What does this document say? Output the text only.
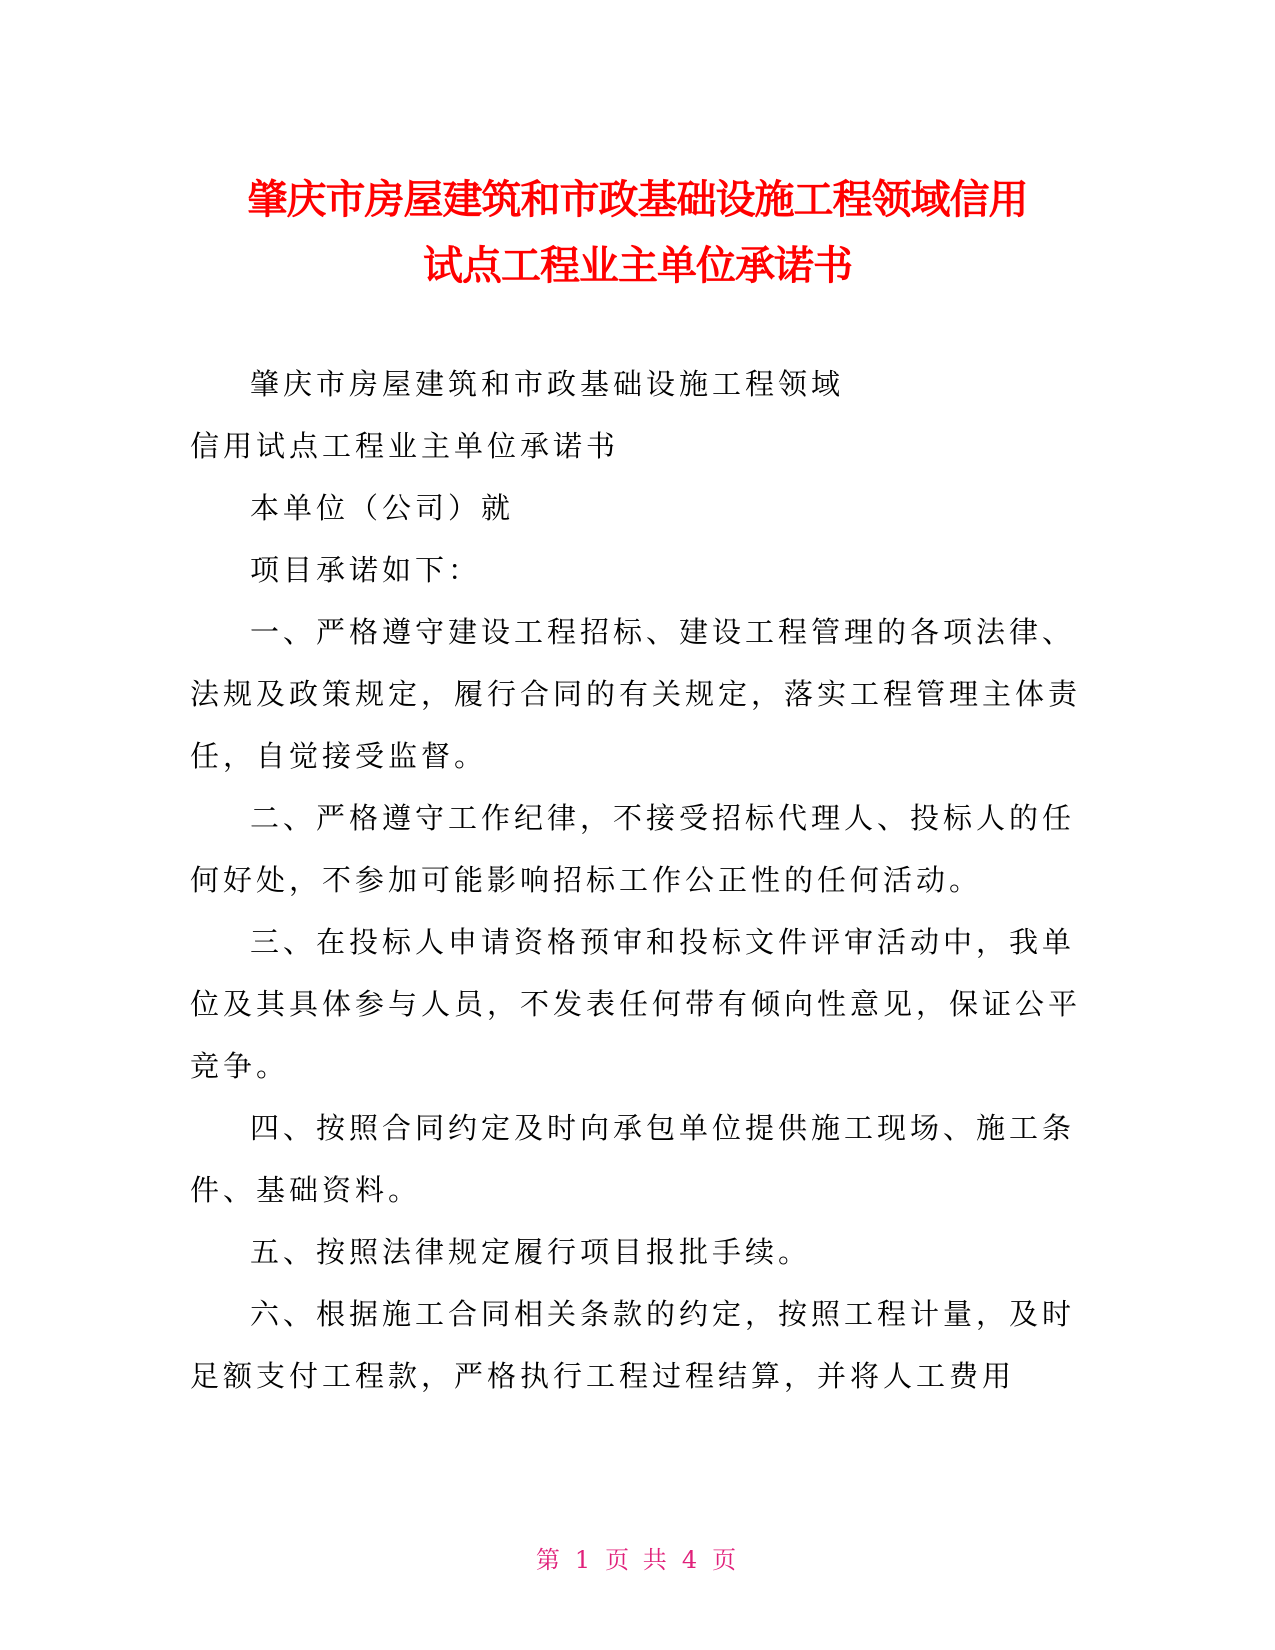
肇庆市房屋建筑和市政基础设施工程领域信用
试点工程业主单位承诺书
肇庆市房屋建筑和市政基础设施工程领域
信用试点工程业主单位承诺书
本单位（公司）就
项目承诺如下：
一、严格遵守建设工程招标、建设工程管理的各项法律、
法规及政策规定，履行合同的有关规定，落实工程管理主体责
任，自觉接受监督。
二、严格遵守工作纪律，不接受招标代理人、投标人的任
何好处，不参加可能影响招标工作公正性的任何活动。
三、在投标人申请资格预审和投标文件评审活动中，我单
位及其具体参与人员，不发表任何带有倾向性意见，保证公平
竞争。
四、按照合同约定及时向承包单位提供施工现场、施工条
件、基础资料。
五、按照法律规定履行项目报批手续。
六、根据施工合同相关条款的约定，按照工程计量，及时
足额支付工程款，严格执行工程过程结算，并将人工费用
第 1 页 共 4 页
